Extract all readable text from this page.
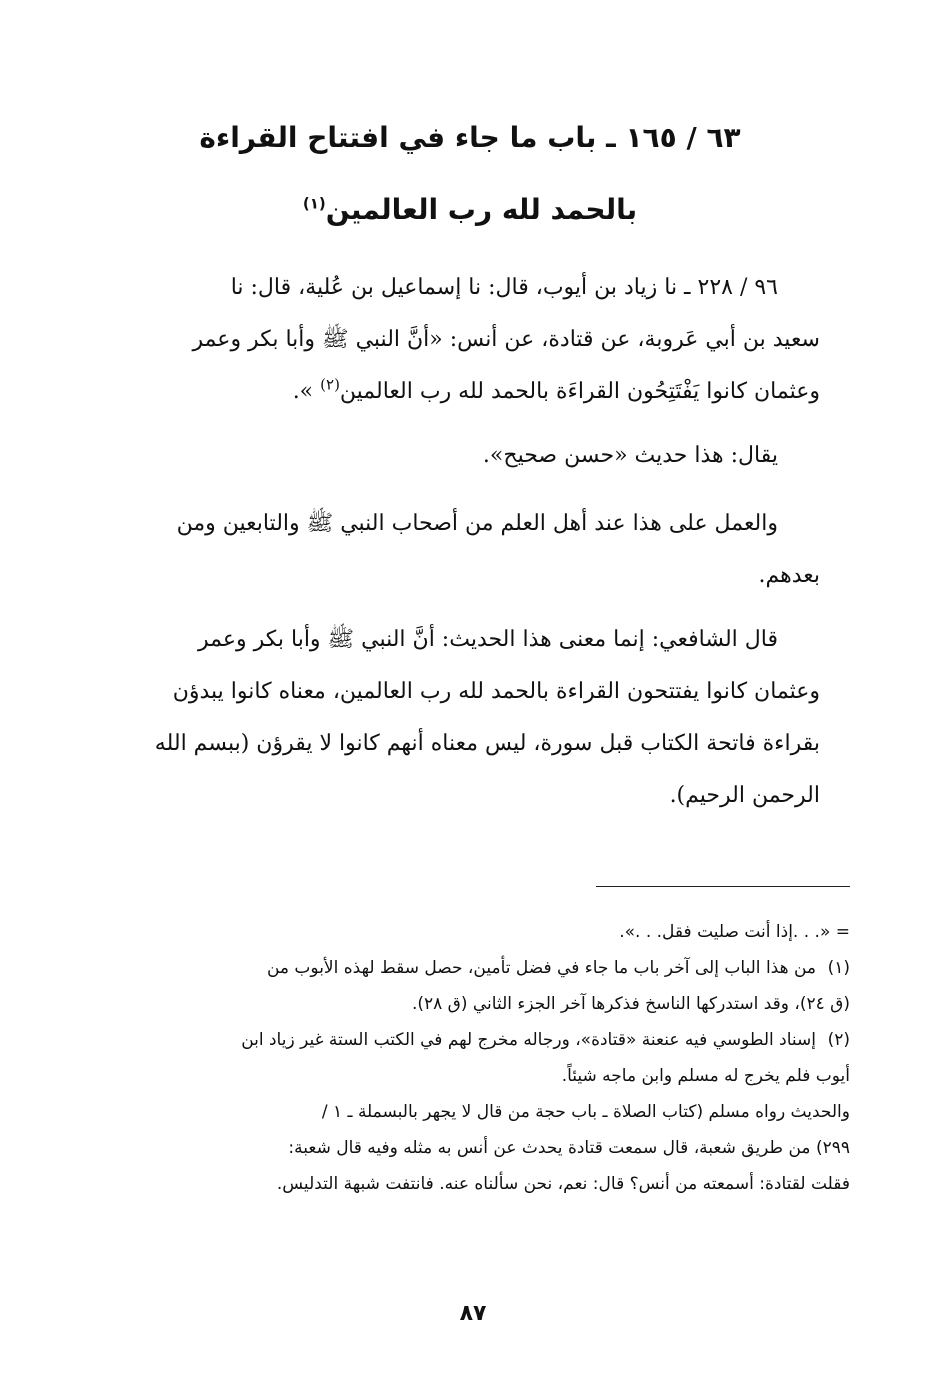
٦٣ / ١٦٥ ـ باب ما جاء في افتتاح القراءة
بالحمد لله رب العالمين$^{(١)}$
٩٦ / ٢٢٨ ـ نا زياد بن أيوب، قال: نا إسماعيل بن عُلية، قال: نا
سعيد بن أبي عَروبة، عن قتادة، عن أنس: «أنَّ النبي ﷺ وأبا بكر وعمر
وعثمان كانوا يَفْتَتِحُون القراءَة بالحمد لله رب العالمين$^{(٢)}$ ».
يقال: هذا حديث «حسن صحيح».
والعمل على هذا عند أهل العلم من أصحاب النبي ﷺ والتابعين ومن
بعدهم.
قال الشافعي: إنما معنى هذا الحديث: أنَّ النبي ﷺ وأبا بكر وعمر
وعثمان كانوا يفتتحون القراءة بالحمد لله رب العالمين، معناه كانوا يبدؤن
بقراءة فاتحة الكتاب قبل سورة، ليس معناه أنهم كانوا لا يقرؤن (ببسم الله
الرحمن الرحيم).
= «. . .إذا أنت صليت فقل. . .».
(١)من هذا الباب إلى آخر باب ما جاء في فضل تأمين، حصل سقط لهذه الأبوب من
(ق ٢٤)، وقد استدركها الناسخ فذكرها آخر الجزء الثاني (ق ٢٨).
(٢)إسناد الطوسي فيه عنعنة «قتادة»، ورجاله مخرج لهم في الكتب الستة غير زياد ابن
أيوب فلم يخرج له مسلم وابن ماجه شيئاً.
والحديث رواه مسلم (كتاب الصلاة ـ باب حجة من قال لا يجهر بالبسملة ـ ١ /
٢٩٩) من طريق شعبة، قال سمعت قتادة يحدث عن أنس به مثله وفيه قال شعبة:
فقلت لقتادة: أسمعته من أنس؟ قال: نعم، نحن سألناه عنه. فانتفت شبهة التدليس.
٨٧
